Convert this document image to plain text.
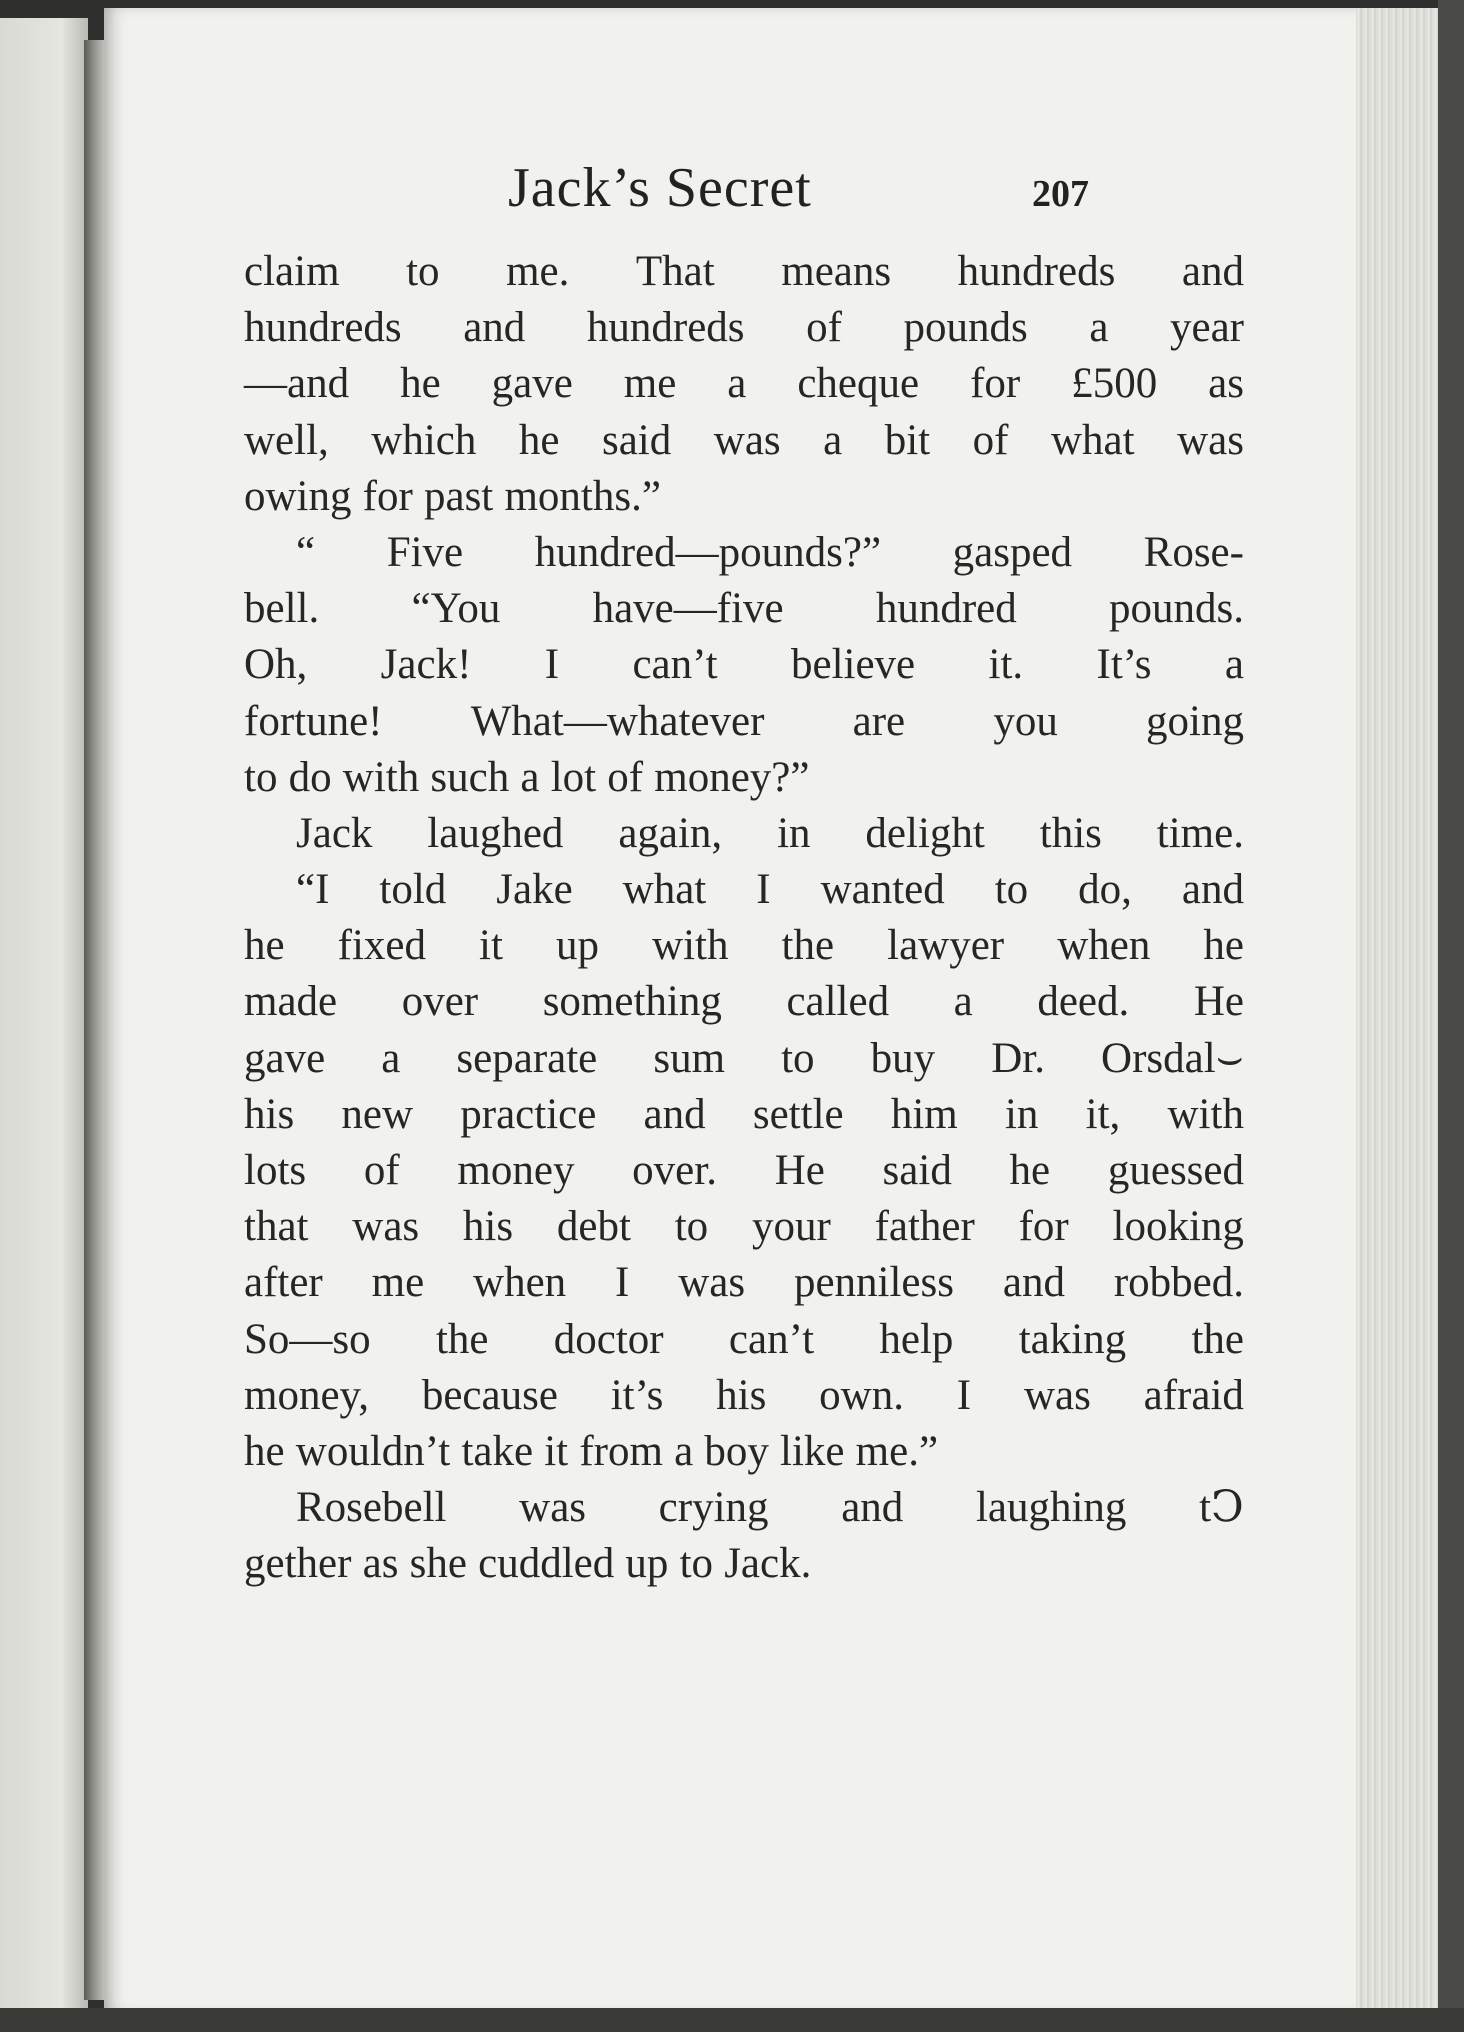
Jack’s Secret	207
claim to me. That means hundreds and
hundreds and hundreds of pounds a year
—and he gave me a cheque for £500 as
well, which he said was a bit of what was
owing for past months.”
“ Five hundred—pounds?” gasped Rose-
bell. “You have—five hundred pounds.
Oh, Jack! I can’t believe it. It’s a
fortune! What—whatever are you going
to do with such a lot of money?”
Jack laughed again, in delight this time.
“I told Jake what I wanted to do, and
he fixed it up with the lawyer when he
made over something called a deed. He
gave a separate sum to buy Dr. Orsdal⌣
his new practice and settle him in it, with
lots of money over. He said he guessed
that was his debt to your father for looking
after me when I was penniless and robbed.
So—so the doctor can’t help taking the
money, because it’s his own. I was afraid
he wouldn’t take it from a boy like me.”
Rosebell was crying and laughing tↃ
gether as she cuddled up to Jack.
